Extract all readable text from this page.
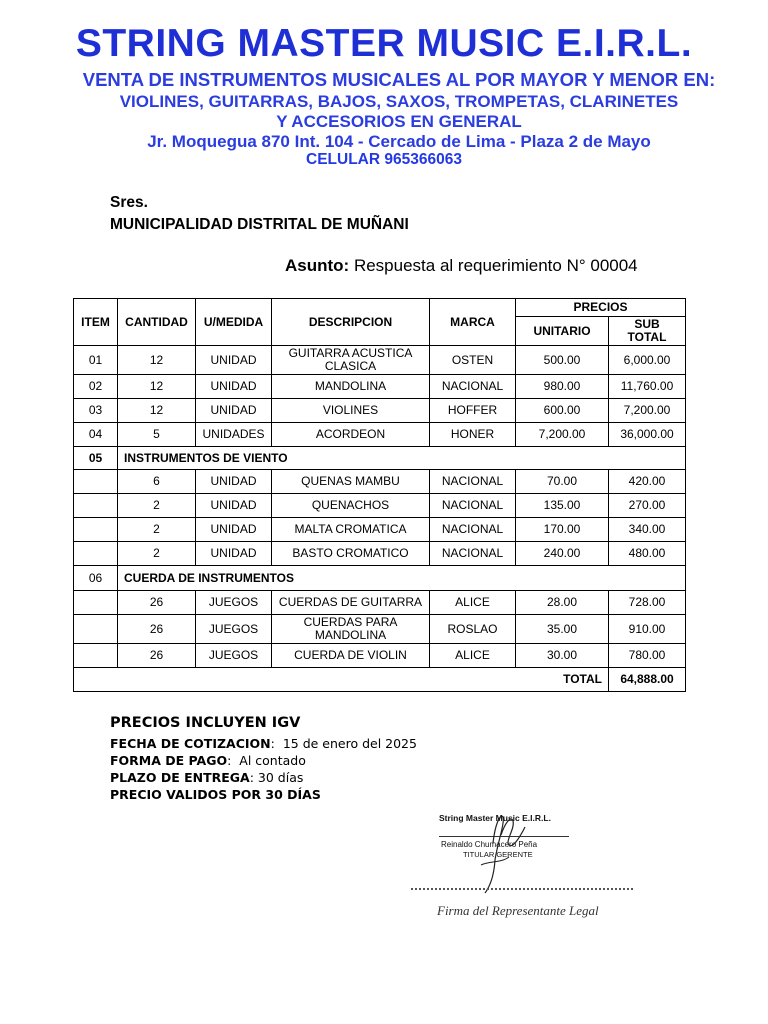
STRING MASTER MUSIC E.I.R.L.
VENTA DE INSTRUMENTOS MUSICALES AL POR MAYOR Y MENOR EN:
VIOLINES, GUITARRAS, BAJOS, SAXOS, TROMPETAS, CLARINETES
Y ACCESORIOS EN GENERAL
Jr. Moquegua 870 Int. 104 - Cercado de Lima - Plaza 2 de Mayo
CELULAR 965366063
Sres.
MUNICIPALIDAD DISTRITAL DE MUÑANI
Asunto: Respuesta al requerimiento N° 00004
ITEM	CANTIDAD	U/MEDIDA	DESCRIPCION	MARCA	PRECIOS	
					UNITARIO	SUB TOTAL
01	12	UNIDAD	GUITARRA ACUSTICA CLASICA	OSTEN	500.00	6,000.00
02	12	UNIDAD	MANDOLINA	NACIONAL	980.00	11,760.00
03	12	UNIDAD	VIOLINES	HOFFER	600.00	7,200.00
04	5	UNIDADES	ACORDEON	HONER	7,200.00	36,000.00
05	INSTRUMENTOS DE VIENTO					
	6	UNIDAD	QUENAS MAMBU	NACIONAL	70.00	420.00
	2	UNIDAD	QUENACHOS	NACIONAL	135.00	270.00
	2	UNIDAD	MALTA CROMATICA	NACIONAL	170.00	340.00
	2	UNIDAD	BASTO CROMATICO	NACIONAL	240.00	480.00
06	CUERDA DE INSTRUMENTOS					
	26	JUEGOS	CUERDAS DE GUITARRA	ALICE	28.00	728.00
	26	JUEGOS	CUERDAS PARA MANDOLINA	ROSLAO	35.00	910.00
	26	JUEGOS	CUERDA DE VIOLIN	ALICE	30.00	780.00
TOTAL						64,888.00
PRECIOS INCLUYEN IGV
FECHA DE COTIZACION:  15 de enero del 2025
FORMA DE PAGO:  Al contado
PLAZO DE ENTREGA: 30 días
PRECIO VALIDOS POR 30 DÍAS
String Master Music E.I.R.L.
Reinaldo Chumacero Peña
TITULAR GERENTE
Firma del Representante Legal
